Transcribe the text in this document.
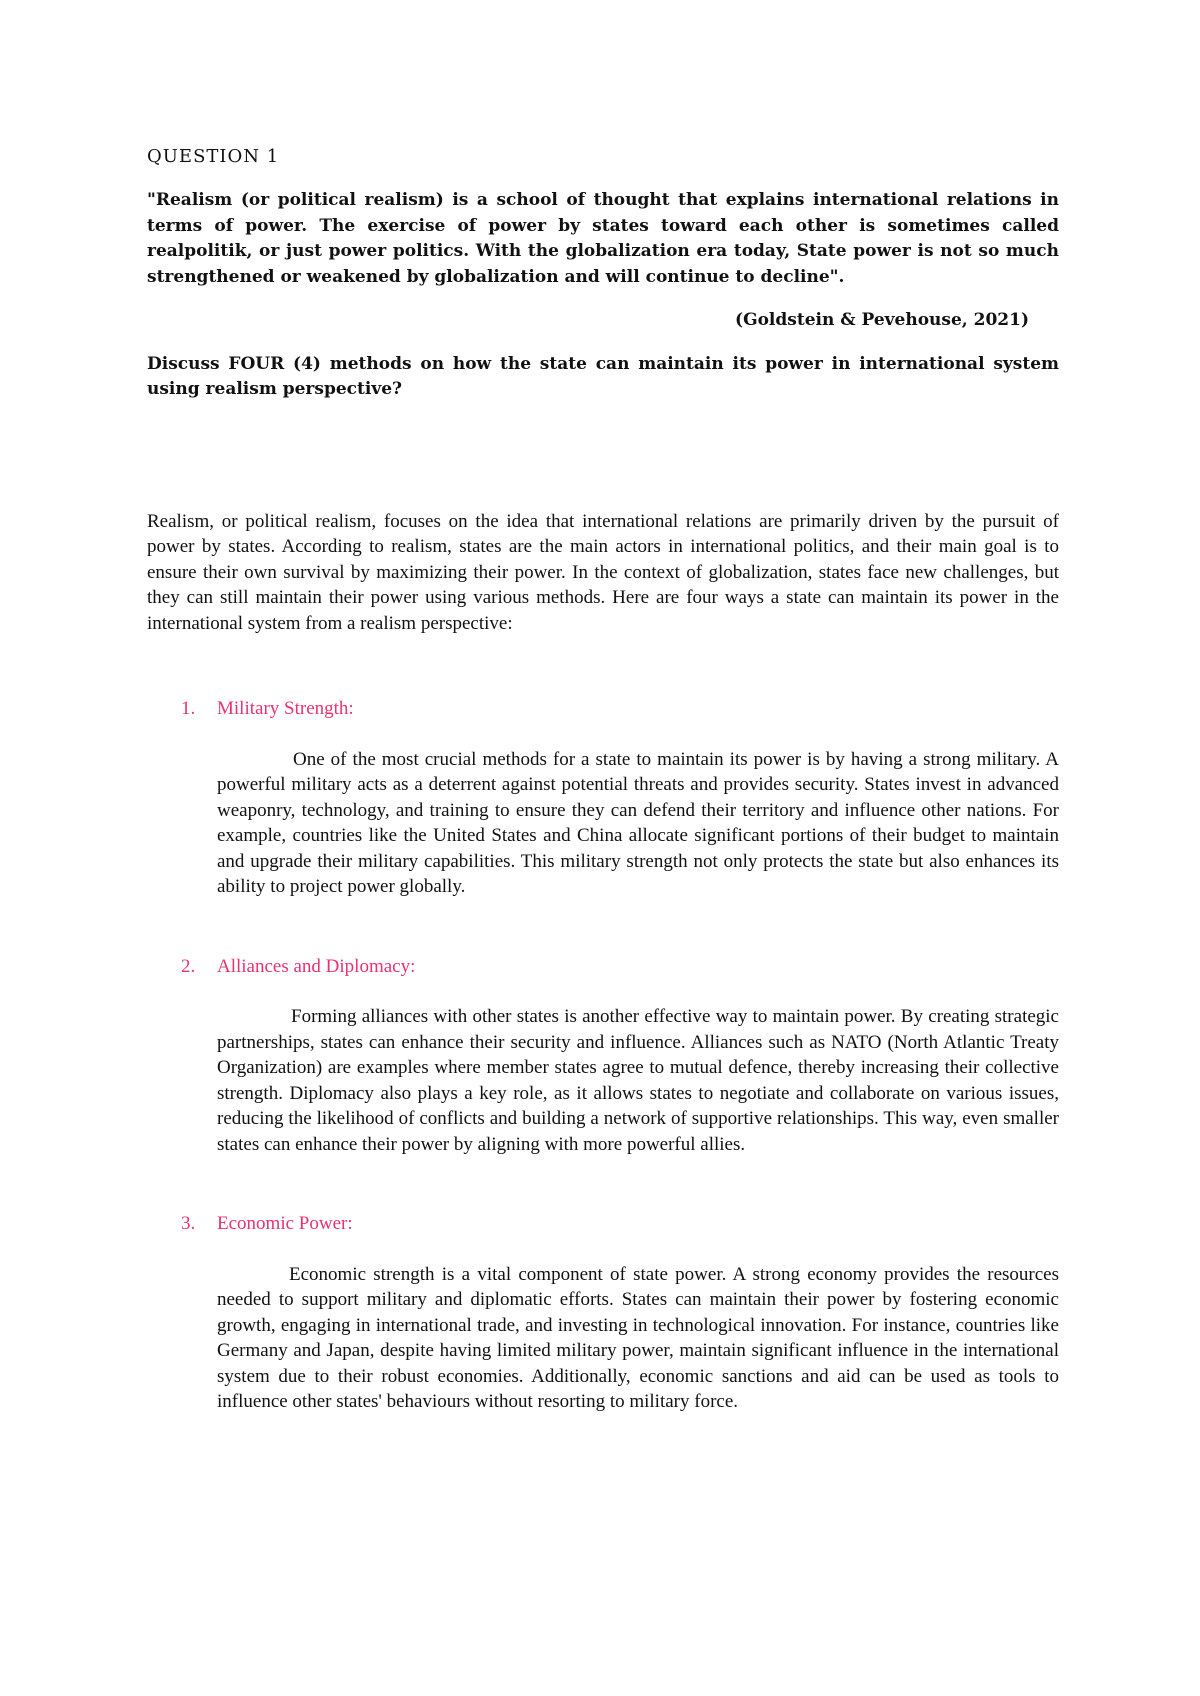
QUESTION 1

"Realism (or political realism) is a school of thought that explains international relations in terms of power. The exercise of power by states toward each other is sometimes called realpolitik, or just power politics. With the globalization era today, State power is not so much strengthened or weakened by globalization and will continue to decline".

(Goldstein & Pevehouse, 2021)

Discuss FOUR (4) methods on how the state can maintain its power in international system using realism perspective?

Realism, or political realism, focuses on the idea that international relations are primarily driven by the pursuit of power by states. According to realism, states are the main actors in international politics, and their main goal is to ensure their own survival by maximizing their power. In the context of globalization, states face new challenges, but they can still maintain their power using various methods. Here are four ways a state can maintain its power in the international system from a realism perspective:

1.	Military Strength:

One of the most crucial methods for a state to maintain its power is by having a strong military. A powerful military acts as a deterrent against potential threats and provides security. States invest in advanced weaponry, technology, and training to ensure they can defend their territory and influence other nations. For example, countries like the United States and China allocate significant portions of their budget to maintain and upgrade their military capabilities. This military strength not only protects the state but also enhances its ability to project power globally.

2.	Alliances and Diplomacy:

Forming alliances with other states is another effective way to maintain power. By creating strategic partnerships, states can enhance their security and influence. Alliances such as NATO (North Atlantic Treaty Organization) are examples where member states agree to mutual defence, thereby increasing their collective strength. Diplomacy also plays a key role, as it allows states to negotiate and collaborate on various issues, reducing the likelihood of conflicts and building a network of supportive relationships. This way, even smaller states can enhance their power by aligning with more powerful allies.

3.	Economic Power:

Economic strength is a vital component of state power. A strong economy provides the resources needed to support military and diplomatic efforts. States can maintain their power by fostering economic growth, engaging in international trade, and investing in technological innovation. For instance, countries like Germany and Japan, despite having limited military power, maintain significant influence in the international system due to their robust economies. Additionally, economic sanctions and aid can be used as tools to influence other states' behaviours without resorting to military force.
